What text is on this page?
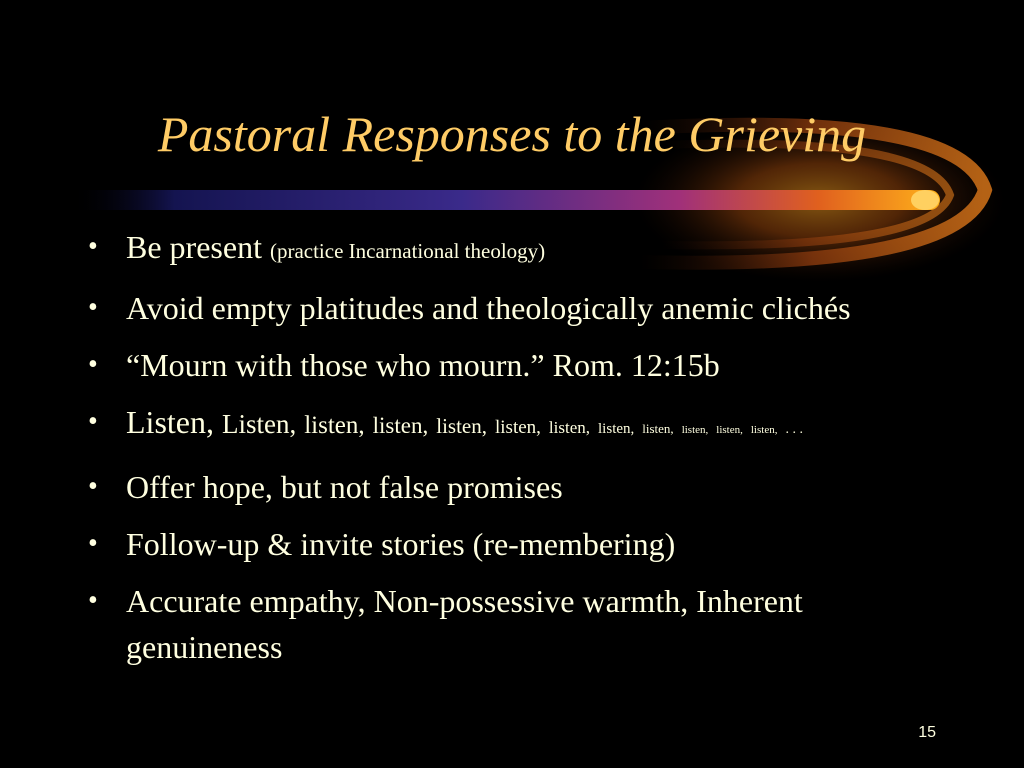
Pastoral Responses to the Grieving
• Be present (practice Incarnational theology)
• Avoid empty platitudes and theologically anemic clichés
• “Mourn with those who mourn.” Rom. 12:15b
• Listen, Listen, listen, listen, listen, listen, listen, listen, listen, listen, listen, listen, . . .
• Offer hope, but not false promises
• Follow-up & invite stories (re-membering)
• Accurate empathy, Non-possessive warmth, Inherent genuineness
15
